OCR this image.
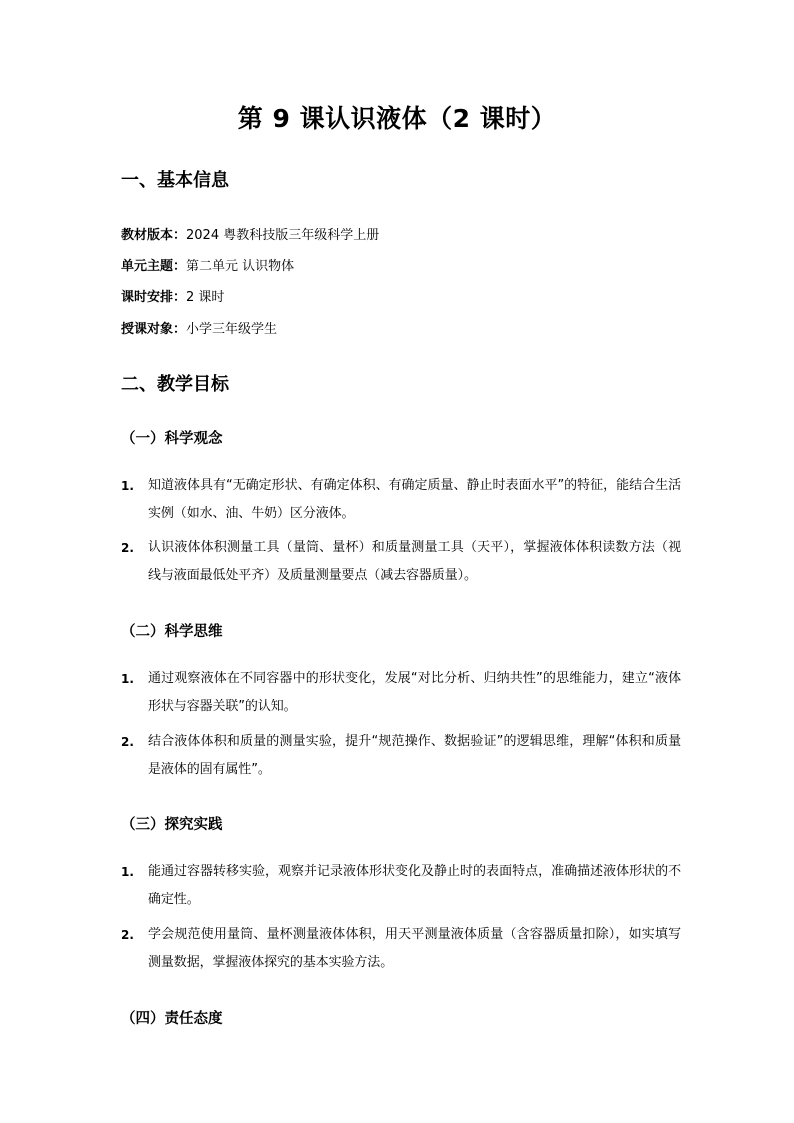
第 9 课认识液体（2 课时）
一、基本信息
教材版本：2024 粤教科技版三年级科学上册
单元主题：第二单元 认识物体
课时安排：2 课时
授课对象：小学三年级学生
二、教学目标
（一）科学观念
1. 知道液体具有“无确定形状、有确定体积、有确定质量、静止时表面水平”的特征，能结合生活实例（如水、油、牛奶）区分液体。
2. 认识液体体积测量工具（量筒、量杯）和质量测量工具（天平），掌握液体体积读数方法（视线与液面最低处平齐）及质量测量要点（减去容器质量）。
（二）科学思维
1. 通过观察液体在不同容器中的形状变化，发展“对比分析、归纳共性”的思维能力，建立“液体形状与容器关联”的认知。
2. 结合液体体积和质量的测量实验，提升“规范操作、数据验证”的逻辑思维，理解“体积和质量是液体的固有属性”。
（三）探究实践
1. 能通过容器转移实验，观察并记录液体形状变化及静止时的表面特点，准确描述液体形状的不确定性。
2. 学会规范使用量筒、量杯测量液体体积，用天平测量液体质量（含容器质量扣除），如实填写测量数据，掌握液体探究的基本实验方法。
（四）责任态度
